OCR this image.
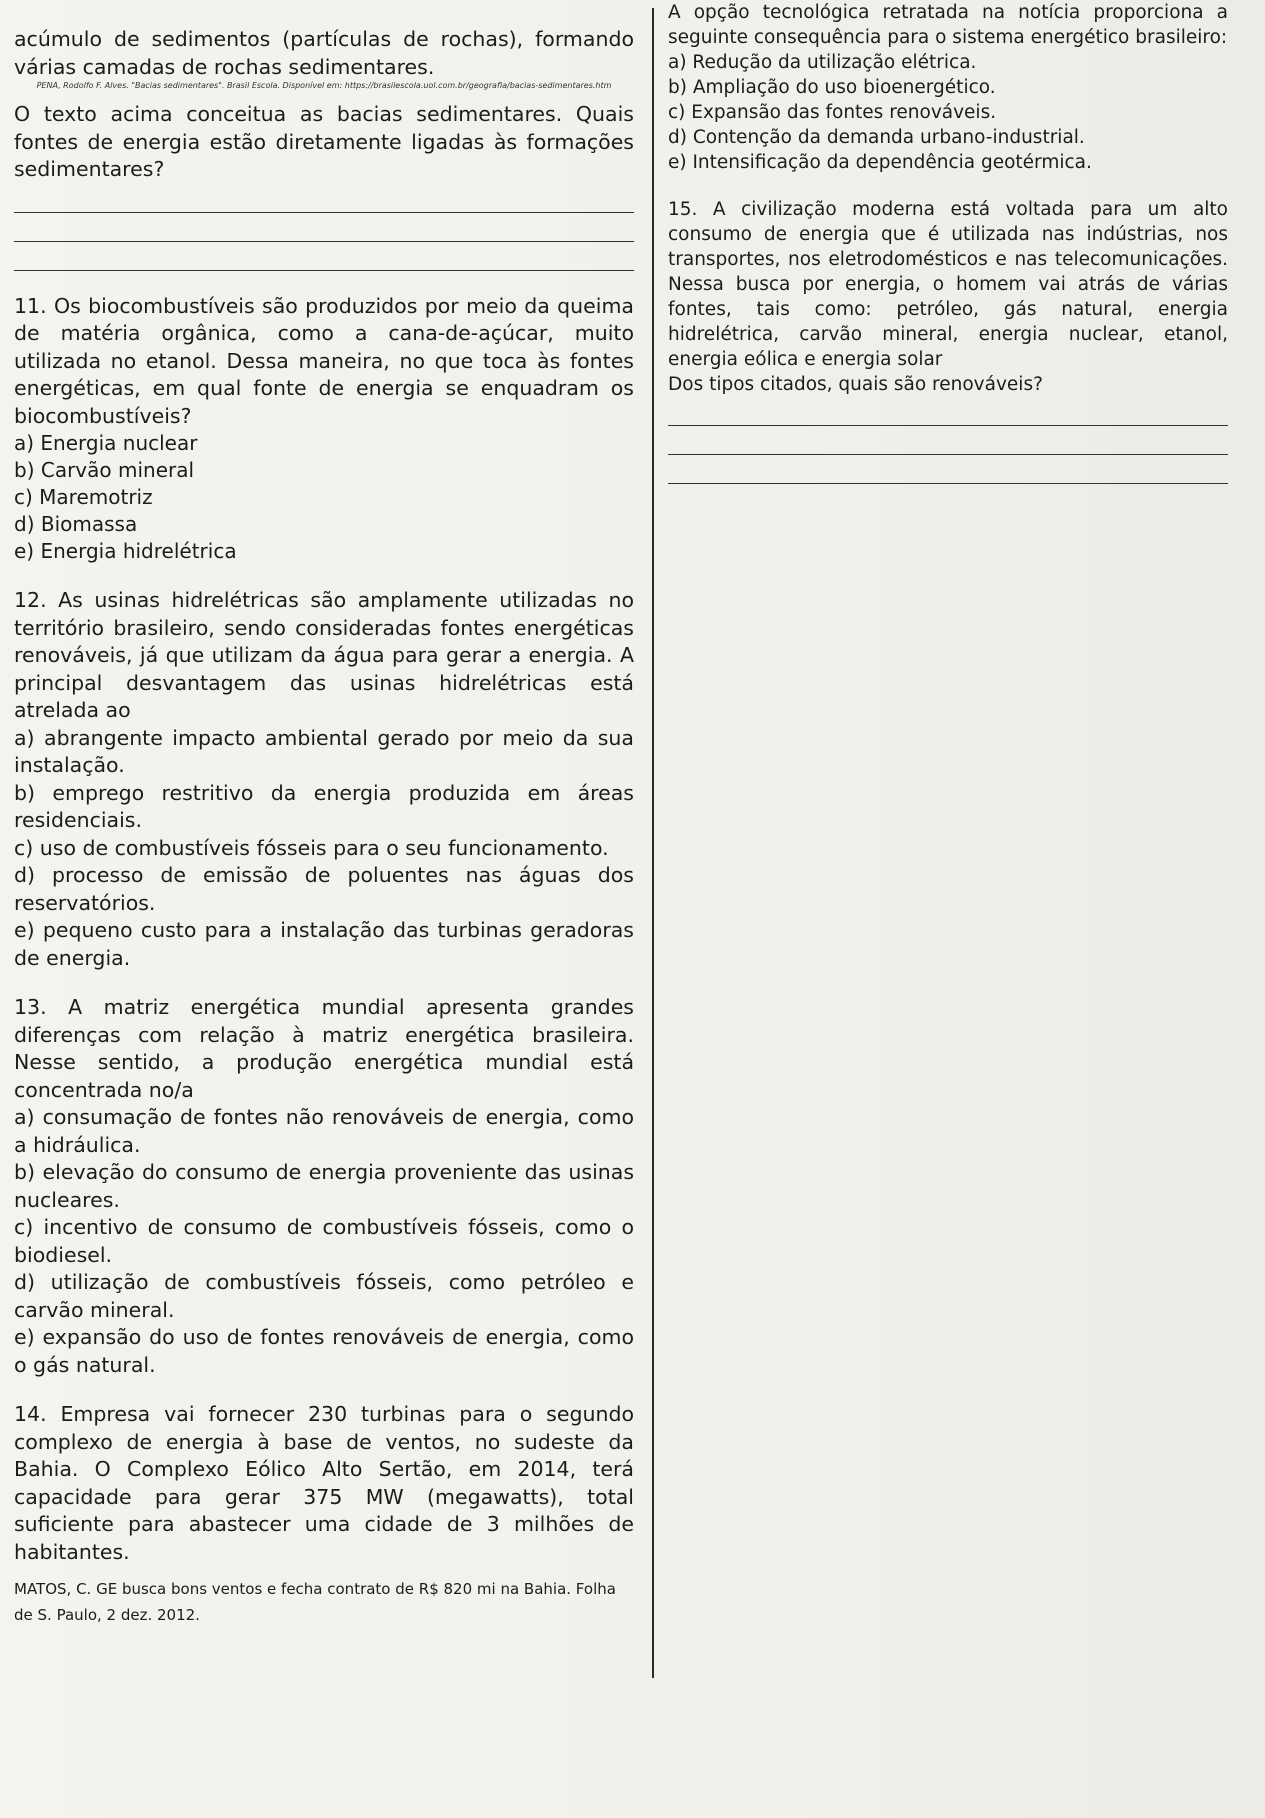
acúmulo de sedimentos (partículas de rochas), formando várias camadas de rochas sedimentares.

PENA, Rodolfo F. Alves. "Bacias sedimentares". Brasil Escola. Disponível em: https://brasilescola.uol.com.br/geografia/bacias-sedimentares.htm

O texto acima conceitua as bacias sedimentares. Quais fontes de energia estão diretamente ligadas às formações sedimentares?

11. Os biocombustíveis são produzidos por meio da queima de matéria orgânica, como a cana-de-açúcar, muito utilizada no etanol. Dessa maneira, no que toca às fontes energéticas, em qual fonte de energia se enquadram os biocombustíveis?

a) Energia nuclear

b) Carvão mineral

c) Maremotriz

d) Biomassa

e) Energia hidrelétrica

12. As usinas hidrelétricas são amplamente utilizadas no território brasileiro, sendo consideradas fontes energéticas renováveis, já que utilizam da água para gerar a energia. A principal desvantagem das usinas hidrelétricas está atrelada ao

a) abrangente impacto ambiental gerado por meio da sua instalação.

b) emprego restritivo da energia produzida em áreas residenciais.

c) uso de combustíveis fósseis para o seu funcionamento.

d) processo de emissão de poluentes nas águas dos reservatórios.

e) pequeno custo para a instalação das turbinas geradoras de energia.

13. A matriz energética mundial apresenta grandes diferenças com relação à matriz energética brasileira. Nesse sentido, a produção energética mundial está concentrada no/a

a) consumação de fontes não renováveis de energia, como a hidráulica.

b) elevação do consumo de energia proveniente das usinas nucleares.

c) incentivo de consumo de combustíveis fósseis, como o biodiesel.

d) utilização de combustíveis fósseis, como petróleo e carvão mineral.

e) expansão do uso de fontes renováveis de energia, como o gás natural.

14. Empresa vai fornecer 230 turbinas para o segundo complexo de energia à base de ventos, no sudeste da Bahia. O Complexo Eólico Alto Sertão, em 2014, terá capacidade para gerar 375 MW (megawatts), total suficiente para abastecer uma cidade de 3 milhões de habitantes.

MATOS, C. GE busca bons ventos e fecha contrato de R$ 820 mi na Bahia. Folha de S. Paulo, 2 dez. 2012.

A opção tecnológica retratada na notícia proporciona a seguinte consequência para o sistema energético brasileiro:

a) Redução da utilização elétrica.

b) Ampliação do uso bioenergético.

c) Expansão das fontes renováveis.

d) Contenção da demanda urbano-industrial.

e) Intensificação da dependência geotérmica.

15. A civilização moderna está voltada para um alto consumo de energia que é utilizada nas indústrias, nos transportes, nos eletrodomésticos e nas telecomunicações. Nessa busca por energia, o homem vai atrás de várias fontes, tais como: petróleo, gás natural, energia hidrelétrica, carvão mineral, energia nuclear, etanol, energia eólica e energia solar

Dos tipos citados, quais são renováveis?
